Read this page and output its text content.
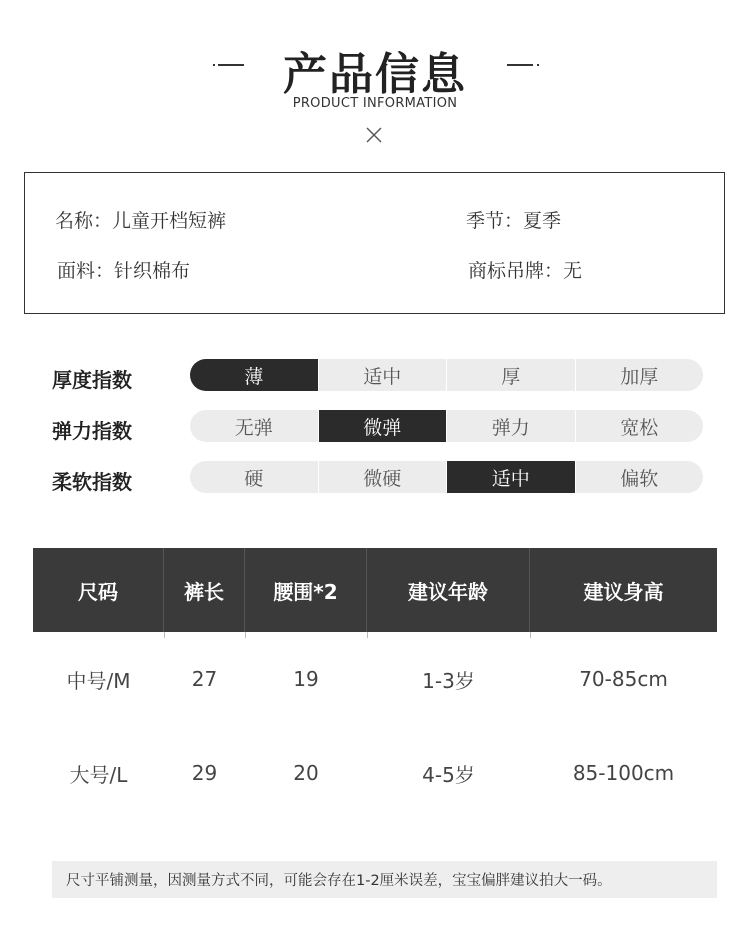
产品信息
PRODUCT INFORMATION
名称：儿童开档短裤	季节：夏季
面料：针织棉布	商标吊牌：无
厚度指数	薄	适中	厚	加厚
弹力指数	无弹	微弹	弹力	宽松
柔软指数	硬	微硬	适中	偏软
尺码	裤长	腰围*2	建议年龄	建议身高
中号/M	27	19	1-3岁	70-85cm
大号/L	29	20	4-5岁	85-100cm
尺寸平铺测量，因测量方式不同，可能会存在1-2厘米误差，宝宝偏胖建议拍大一码。
